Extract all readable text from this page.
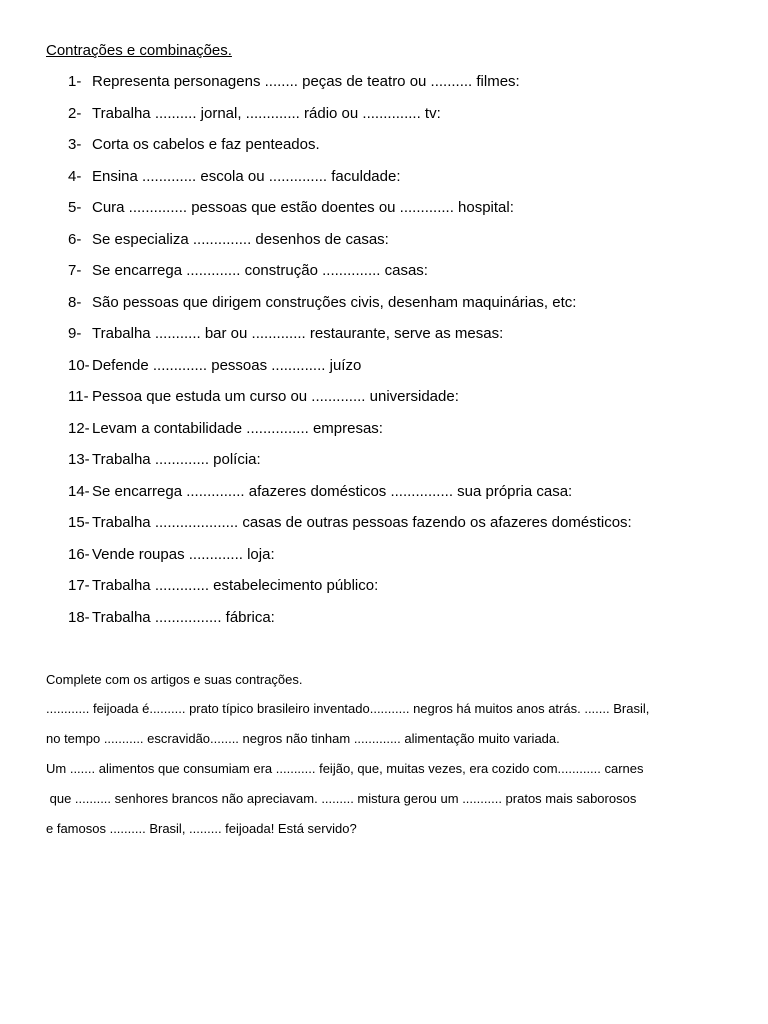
Contrações e combinações.
1- Representa personagens ........ peças de teatro ou .......... filmes:
2- Trabalha .......... jornal, ............. rádio ou .............. tv:
3- Corta os cabelos e faz penteados.
4- Ensina ............. escola ou .............. faculdade:
5- Cura .............. pessoas que estão doentes ou ............. hospital:
6- Se especializa .............. desenhos de casas:
7- Se encarrega ............. construção .............. casas:
8- São pessoas que dirigem construções civis, desenham maquinárias, etc:
9- Trabalha ........... bar ou ............. restaurante, serve as mesas:
10- Defende ............. pessoas ............. juízo
11- Pessoa que estuda um curso ou ............. universidade:
12- Levam a contabilidade ............... empresas:
13- Trabalha ............. polícia:
14- Se encarrega .............. afazeres domésticos ............... sua própria casa:
15- Trabalha .................... casas de outras pessoas fazendo os afazeres domésticos:
16- Vende roupas ............. loja:
17- Trabalha ............. estabelecimento público:
18- Trabalha ................ fábrica:
Complete com os artigos e suas contrações.
............ feijoada é.......... prato típico brasileiro inventado........... negros há muitos anos atrás. ....... Brasil,
no tempo ........... escravidão........ negros não tinham ............. alimentação muito variada.
Um ....... alimentos que consumiam era ........... feijão, que, muitas vezes, era cozido com............ carnes
que .......... senhores brancos não apreciavam. ......... mistura gerou um ........... pratos mais saborosos
e famosos .......... Brasil, ......... feijoada! Está servido?
